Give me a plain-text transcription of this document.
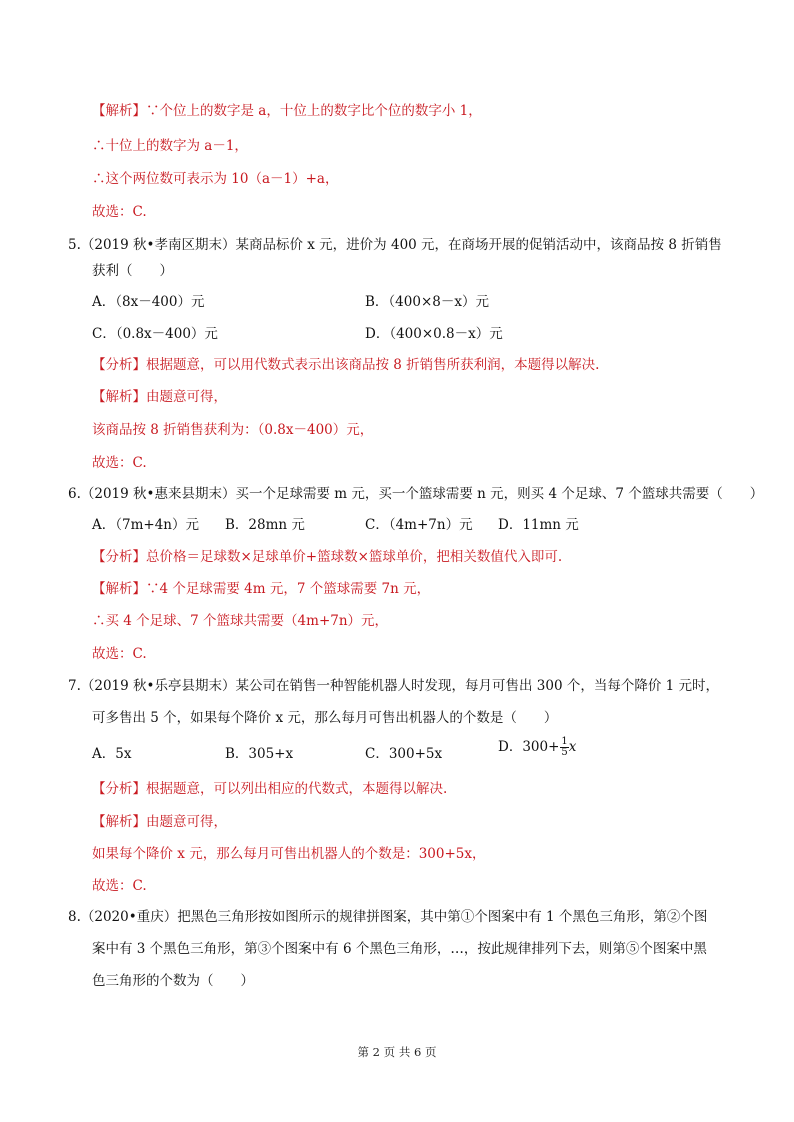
【解析】∵个位上的数字是 a，十位上的数字比个位的数字小 1，
∴十位上的数字为 a－1，
∴这个两位数可表示为 10（a－1）+a，
故选：C.
5.（2019 秋•孝南区期末）某商品标价 x 元，进价为 400 元，在商场开展的促销活动中，该商品按 8 折销售
获利（　　）
A．（8x－400）元	B．（400×8－x）元
C．（0.8x－400）元	D．（400×0.8－x）元
【分析】根据题意，可以用代数式表示出该商品按 8 折销售所获利润，本题得以解决.
【解析】由题意可得，
该商品按 8 折销售获利为：（0.8x－400）元，
故选：C.
6.（2019 秋•惠来县期末）买一个足球需要 m 元，买一个篮球需要 n 元，则买 4 个足球、7 个篮球共需要（　　）
A．（7m+4n）元 B．28mn 元	C．（4m+7n）元 D．11mn 元
【分析】总价格＝足球数×足球单价+篮球数×篮球单价，把相关数值代入即可.
【解析】∵4 个足球需要 4m 元，7 个篮球需要 7n 元，
∴买 4 个足球、7 个篮球共需要（4m+7n）元，
故选：C.
7.（2019 秋•乐亭县期末）某公司在销售一种智能机器人时发现，每月可售出 300 个，当每个降价 1 元时，
可多售出 5 个，如果每个降价 x 元，那么每月可售出机器人的个数是（　　）
A．5x	B．305+x	C．300+5x	D．$300+ \frac{1}{5}$ x
【分析】根据题意，可以列出相应的代数式，本题得以解决.
【解析】由题意可得，
如果每个降价 x 元，那么每月可售出机器人的个数是：300+5x，
故选：C.
8.（2020•重庆）把黑色三角形按如图所示的规律拼图案，其中第①个图案中有 1 个黑色三角形，第②个图
案中有 3 个黑色三角形，第③个图案中有 6 个黑色三角形，…，按此规律排列下去，则第⑤个图案中黑
色三角形的个数为（　　）
第 2 页 共 6 页
